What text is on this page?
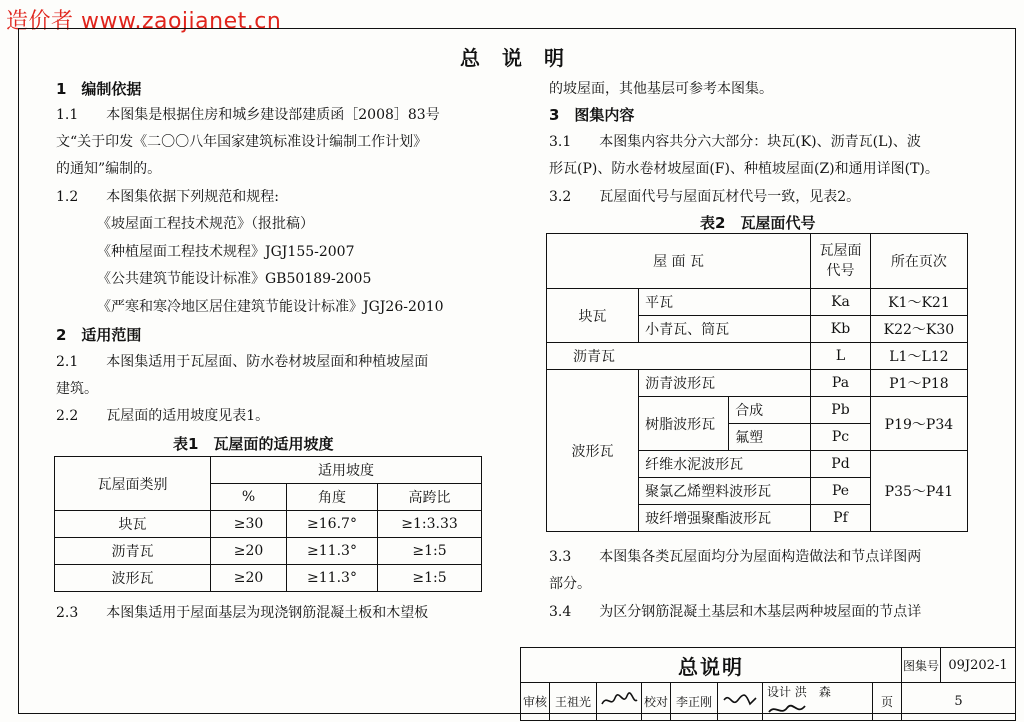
造价者 www.zaojianet.cn
总说明
1　编制依据
1.1　　本图集是根据住房和城乡建设部建质函［2008］83号
文“关于印发《二〇〇八年国家建筑标准设计编制工作计划》
的通知”编制的。
1.2　　本图集依据下列规范和规程:
《坡屋面工程技术规范》（报批稿）
《种植屋面工程技术规程》JGJ155-2007
《公共建筑节能设计标准》GB50189-2005
《严寒和寒冷地区居住建筑节能设计标准》JGJ26-2010
2　适用范围
2.1　　本图集适用于瓦屋面、防水卷材坡屋面和种植坡屋面
建筑。
2.2　　瓦屋面的适用坡度见表1。
2.3　　本图集适用于屋面基层为现浇钢筋混凝土板和木望板
表1　瓦屋面的适用坡度
瓦屋面类别	适用坡度		
	%	角度	高跨比
块瓦	≥30	≥16.7°	≥1:3.33
沥青瓦	≥20	≥11.3°	≥1:5
波形瓦	≥20	≥11.3°	≥1:5
的坡屋面，其他基层可参考本图集。
3　图集内容
3.1　　本图集内容共分六大部分：块瓦(K)、沥青瓦(L)、波
形瓦(P)、防水卷材坡屋面(F)、种植坡屋面(Z)和通用详图(T)。
3.2　　瓦屋面代号与屋面瓦材代号一致，见表2。
3.3　　本图集各类瓦屋面均分为屋面构造做法和节点详图两
部分。
3.4　　为区分钢筋混凝土基层和木基层两种坡屋面的节点详
表2　瓦屋面代号
屋 面 瓦			瓦屋面
代号	所在页次
块瓦	平瓦		Ka	K1～K21
	小青瓦、筒瓦		Kb	K22～K30
沥青瓦			L	L1～L12
波形瓦	沥青波形瓦		Pa	P1～P18
	树脂波形瓦	合成	Pb	P19～P34
		氟塑	Pc	
	纤维水泥波形瓦		Pd	P35～P41
	聚氯乙烯塑料波形瓦		Pe	
	玻纤增强聚酯波形瓦		Pf	
总说明								图集号	09J202-1
审核	王祖光		校对	李正刚		设计 洪　森	页	5	
